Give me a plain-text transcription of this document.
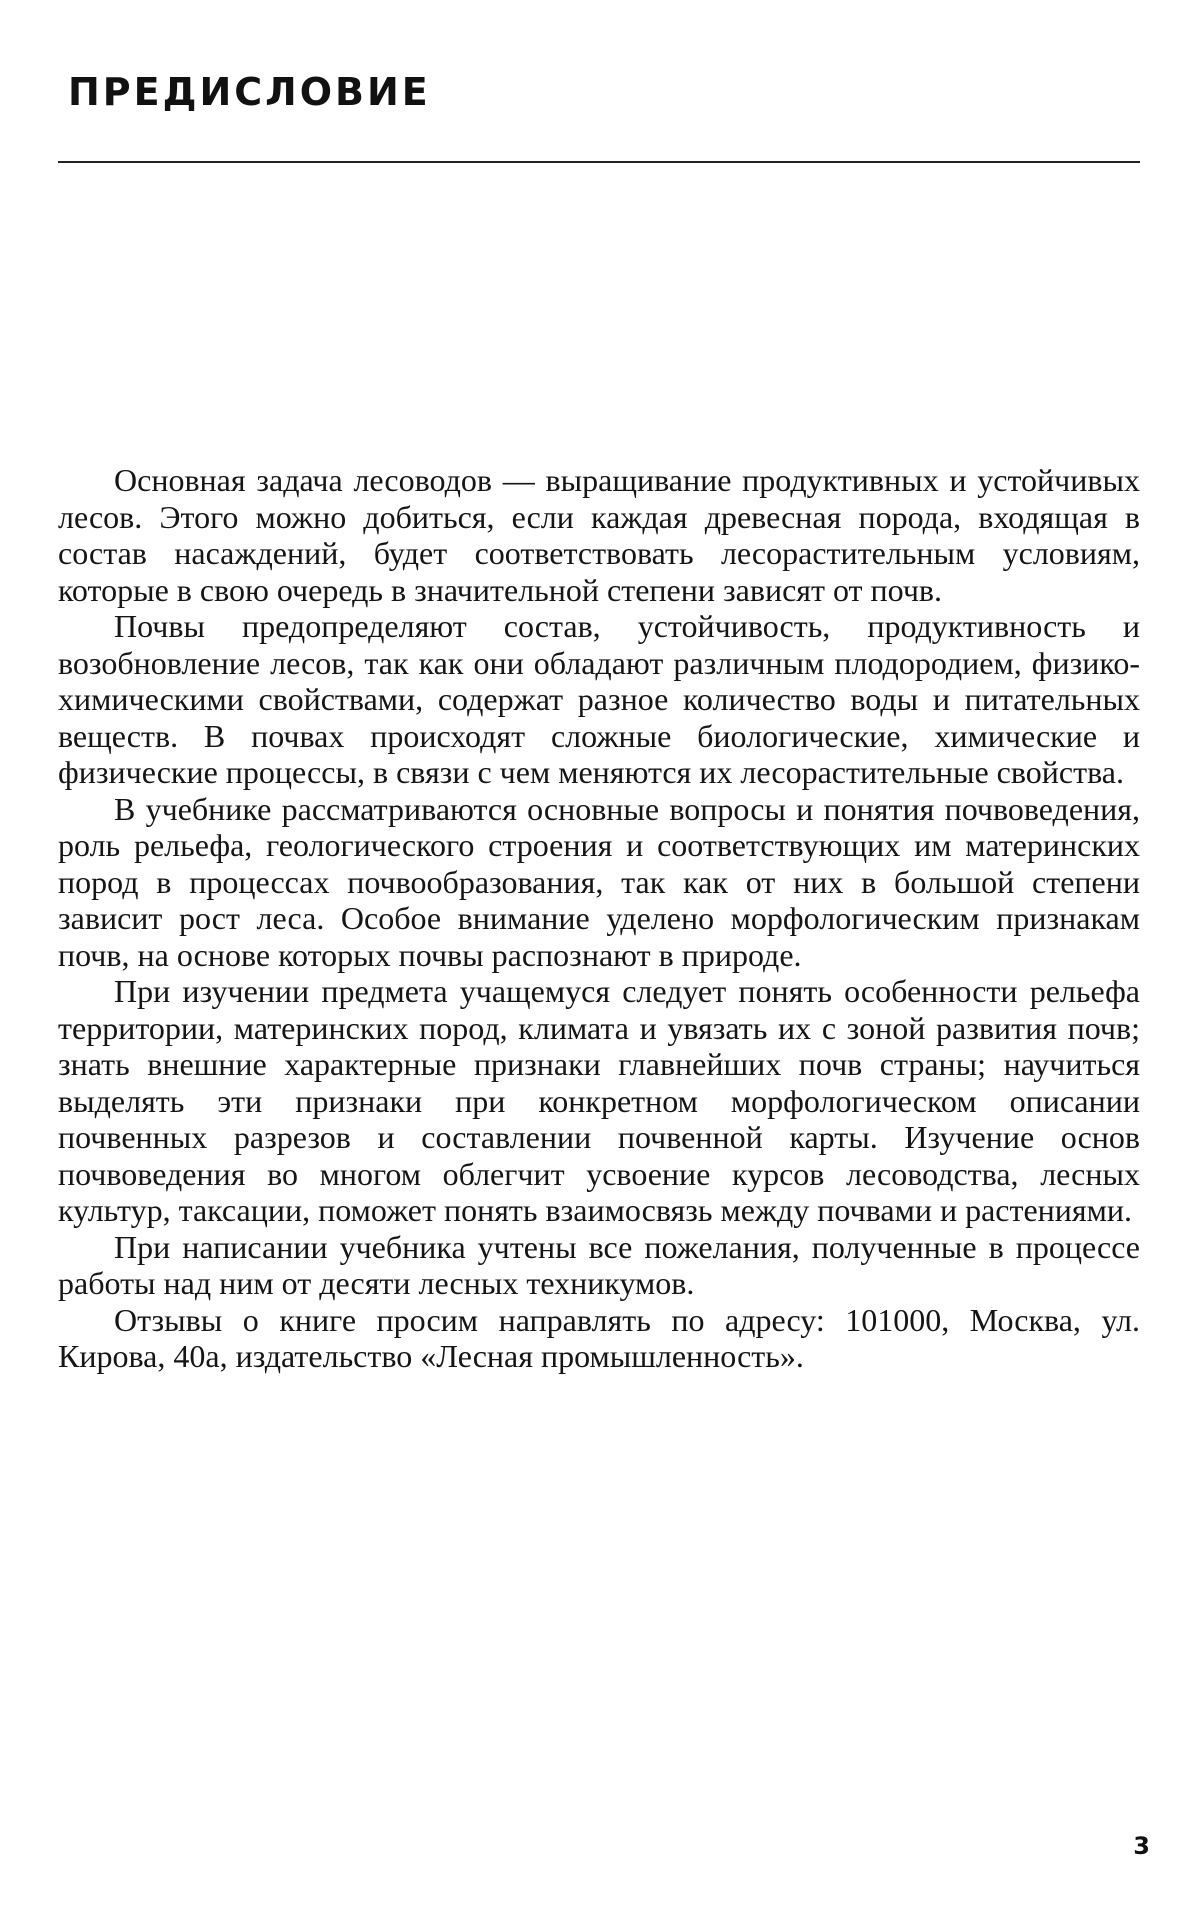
ПРЕДИСЛОВИЕ

Основная задача лесоводов — выращивание продуктивных и устойчивых лесов. Этого можно добиться, если каждая древесная порода, входящая в состав насаждений, будет соответствовать лесорастительным условиям, которые в свою очередь в значительной степени зависят от почв.

Почвы предопределяют состав, устойчивость, продуктивность и возобновление лесов, так как они обладают различным плодородием, физико-химическими свойствами, содержат разное количество воды и питательных веществ. В почвах происходят сложные биологические, химические и физические процессы, в связи с чем меняются их лесорастительные свойства.

В учебнике рассматриваются основные вопросы и понятия почвоведения, роль рельефа, геологического строения и соответствующих им материнских пород в процессах почвообразования, так как от них в большой степени зависит рост леса. Особое внимание уделено морфологическим признакам почв, на основе которых почвы распознают в природе.

При изучении предмета учащемуся следует понять особенности рельефа территории, материнских пород, климата и увязать их с зоной развития почв; знать внешние характерные признаки главнейших почв страны; научиться выделять эти признаки при конкретном морфологическом описании почвенных разрезов и составлении почвенной карты. Изучение основ почвоведения во многом облегчит усвоение курсов лесоводства, лесных культур, таксации, поможет понять взаимосвязь между почвами и растениями.

При написании учебника учтены все пожелания, полученные в процессе работы над ним от десяти лесных техникумов.

Отзывы о книге просим направлять по адресу: 101000, Москва, ул. Кирова, 40а, издательство «Лесная промышленность».

3
